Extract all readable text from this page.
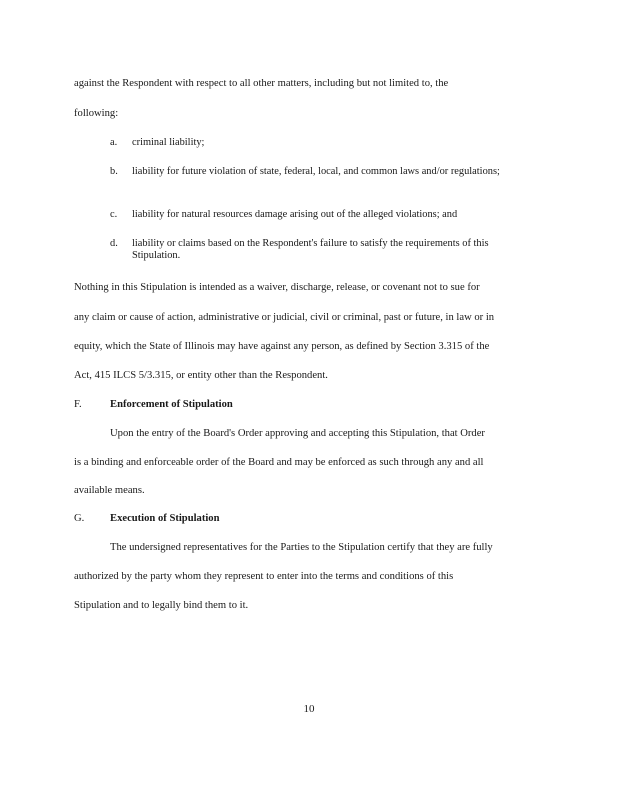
against the Respondent with respect to all other matters, including but not limited to, the
following:
a.	criminal liability;
b.	liability for future violation of state, federal, local, and common laws and/or regulations;
c.	liability for natural resources damage arising out of the alleged violations; and
d.	liability or claims based on the Respondent's failure to satisfy the requirements of this Stipulation.
Nothing in this Stipulation is intended as a waiver, discharge, release, or covenant not to sue for
any claim or cause of action, administrative or judicial, civil or criminal, past or future, in law or in
equity, which the State of Illinois may have against any person, as defined by Section 3.315 of the
Act, 415 ILCS 5/3.315, or entity other than the Respondent.
F.	Enforcement of Stipulation
Upon the entry of the Board's Order approving and accepting this Stipulation, that Order
is a binding and enforceable order of the Board and may be enforced as such through any and all
available means.
G. Execution of Stipulation
The undersigned representatives for the Parties to the Stipulation certify that they are fully
authorized by the party whom they represent to enter into the terms and conditions of this
Stipulation and to legally bind them to it.
10
